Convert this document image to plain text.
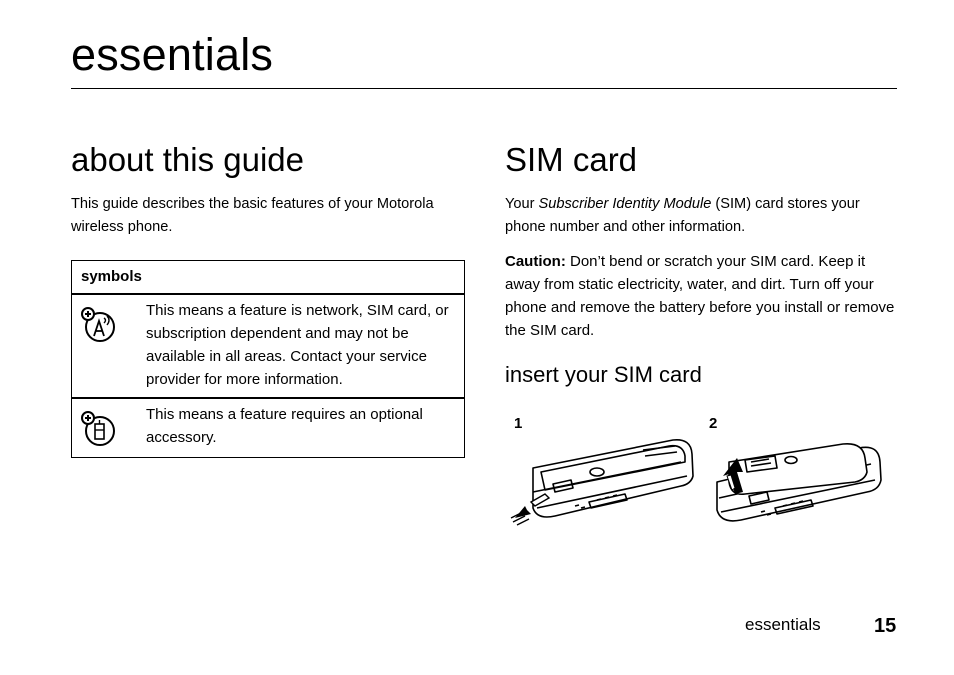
essentials
about this guide

This guide describes the basic features of your Motorola wireless phone.

symbols

This means a feature is network, SIM card, or subscription dependent and may not be available in all areas. Contact your service provider for more information.

This means a feature requires an optional accessory.

SIM card

Your Subscriber Identity Module (SIM) card stores your phone number and other information.

Caution: Don’t bend or scratch your SIM card. Keep it away from static electricity, water, and dirt. Turn off your phone and remove the battery before you install or remove the SIM card.

insert your SIM card
1	2
essentials	15
